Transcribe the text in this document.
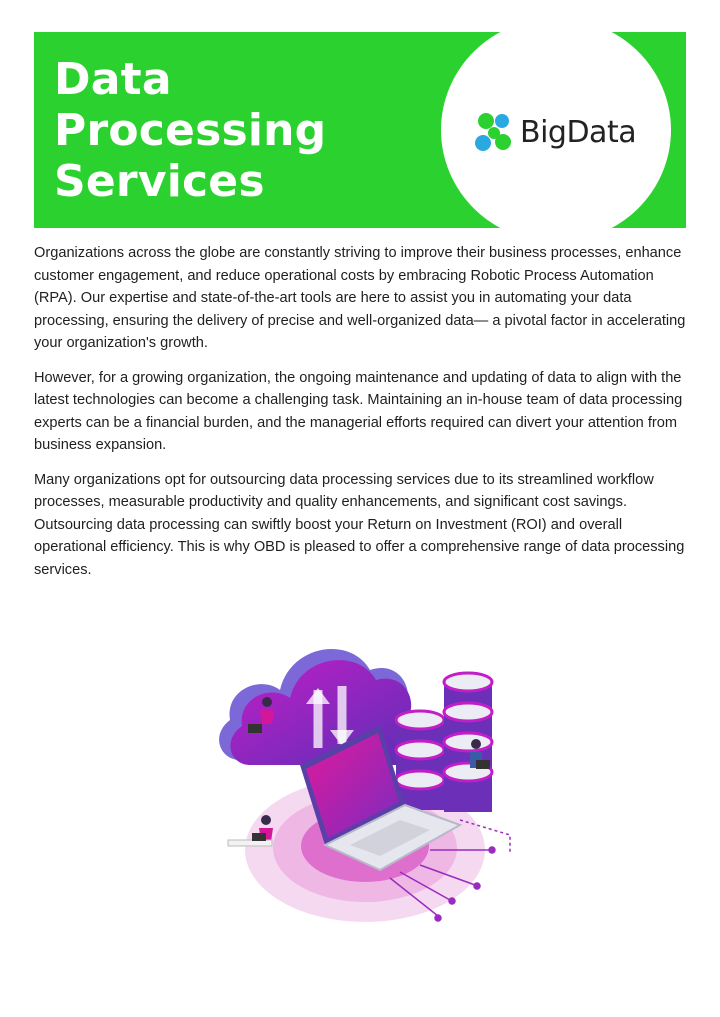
Data
Processing
Services
BigData

Organizations across the globe are constantly striving to improve their business processes, enhance customer engagement, and reduce operational costs by embracing Robotic Process Automation (RPA). Our expertise and state-of-the-art tools are here to assist you in automating your data processing, ensuring the delivery of precise and well-organized data— a pivotal factor in accelerating your organization's growth.

However, for a growing organization, the ongoing maintenance and updating of data to align with the latest technologies can become a challenging task. Maintaining an in-house team of data processing experts can be a financial burden, and the managerial efforts required can divert your attention from business expansion.

Many organizations opt for outsourcing data processing services due to its streamlined workflow processes, measurable productivity and quality enhancements, and significant cost savings. Outsourcing data processing can swiftly boost your Return on Investment (ROI) and overall operational efficiency. This is why OBD is pleased to offer a comprehensive range of data processing services.
